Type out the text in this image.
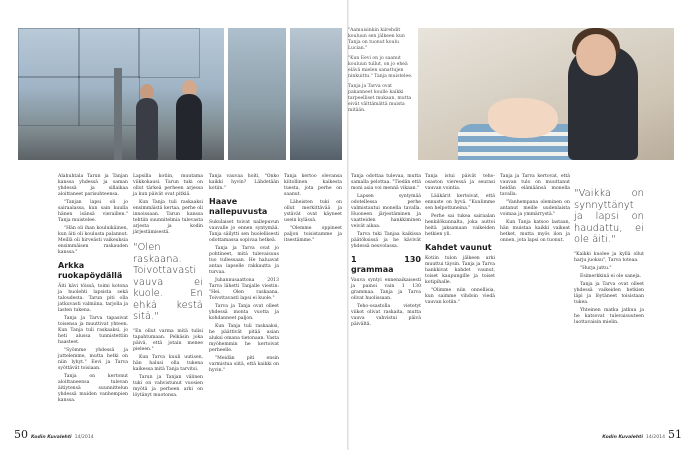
"Aamuisinkin kiirehdit kouluun sen jälkeen kun Tanja on tuonut koulu Lucian."

"Kun Eevi on jo saanut kouluun tullut, on jo eheä elävä mielen sanattujen ninkuittu." Tanja muistelee.

Tanja ja Tarva ovat pakanneet koulle kaikki tarpeelliset mukaan, mutta eivät välttämättä muista mitään.

Alahuhtala Tarun ja Tanjan kanssa yhdessä ja saman yhdessä ja sillaikaa aloittaneet parisuhteensa.

"Tanjan lapsi oli jo sairaalassa, kun sain kuulla hänen isänsä vieraillen." Tanja muistelee.

"Hän oli ihan kouluikäinen, kun äiti oli koulusta palannut. Meillä oli hirveästi vaikeuksia ensimmäisen raskauden kanssa."

Arkka ruokapöydällä

Äiti kävi töissä, toimi kotona ja huolehti lapsista sekä taloudesta. Tarun piti olla jatkuvasti valmiina, tarjolla ja lasten tukena.

Tanja ja Tarva tapasivat toisensa ja muuttivat yhteen. Kun Tanja tuli raskaaksi, jo heti alussa tunnistettiin haasteet.

"Syömme yhdessä ja juttelemme, mutta hetki on niin lyhyt." Eevi ja Tarva syöttävät toisiaan.

Tanja on kertonut aloittaneensa tulevan äitiytensä suunnittelun yhdessä muiden vanhempien kanssa.

Lapsilla kotiin, muutama viikkokausi. Tarun tuki on ollut tärkeä perheen arjessa ja kun päivät ovat pitkiä.

Kun Tanja tuli raskaaksi ensimmäistä kertaa, perhe oli innoissaan. Tarun kanssa tehtiin suunnitelmia tulevasta arjesta ja kodin järjestämisestä.

"Olen raskaana. Toivottavasti vauva ei kuole. En ehkä kestä sitä."

"En ollut varma mitä tulisi tapahtumaan. Pelkäsin joka päivä, että jotain menee pieleen."

Kun Tarva kuuli uutisen, hän halusi olla tukena kaikessa mitä Tanja tarvitsi.

Tarun ja Tanjan välinen tuki on vahvistunut vuosien myötä ja perheen arki on löytänyt muotonsa.

Tanja vauvaa hoiti, "Onko kaikki hyvin? Lähdetään kotiin."

Haave nallepuvusta

Sukulaiset toivat nallepuvun vauvalle jo ennen syntymää. Tanja säilytti sen huolellisesti odottamassa sopivaa hetkeä.

Tanja ja Tarva ovat jo pohtineet, mitä tulevaisuus tuo tullessaan. He haluavat antaa lapselle rakkautta ja turvaa.

Juhannusaattona 2013 Tarva lähetti Tanjalle viestin: "Hei. Olen raskaana. Toivottavasti lapsi ei kuole."

Tarva ja Tanja ovat olleet yhdessä monta vuotta ja kohdanneet paljon.

Kun Tanja tuli raskaaksi, he päättivät pitää asian aluksi omana tietonaan. Vasta myöhemmin he kertoivat perheelle.

"Meidän piti ensin varmistua siitä, että kaikki on hyvin."

Tanja kertoo olevansa kiitollinen kaikesta tuesta, jota perhe on saanut.

Läheisten tuki on ollut merkittävää ja ystävät ovat käyneet usein kylässä.

"Olemme oppineet paljon toisistamme ja itsestämme."

Tanja odottaa tulevaa, mutta samalla pelottaa. "Tiedän että moni asia voi mennä vikaan."

Lapsen syntymää odotellessa perhe valmistautui monella tavalla. Huoneen järjestäminen ja vaatteiden hankkiminen veivät aikaa.

Tarva tuki Tanjaa kaikissa päätöksissä ja he kävivät yhdessä neuvolassa.

1 130 grammaa

Vauva syntyi ennenaikaisesti ja painoi vain 1 130 grammaa. Tanja ja Tarva olivat huolissaan.

Teho-osastolla vietetyt viikot olivat raskaita, mutta vauva vahvistui päivä päivältä.

Tanja istui päivät teho-osaston vieressä ja seurasi vauvan vointia.

Lääkärit kertoivat, että ennuste on hyvä. "Kuulimme sen helpottuneina."

Perhe sai tukea sairaalan henkilökunnalta, joka auttoi heitä jaksamaan vaikeiden hetkien yli.

Kahdet vaunut

Kotiin tulon jälkeen arki muuttui täysin. Tanja ja Tarva hankkivat kahdet vaunut, toiset kaupungille ja toiset kotipihalle.

"Olimme niin onnellisia, kun saimme vihdoin viedä vauvan kotiin."

Tanja ja Tarva kertovat, että vauvan tulo on muuttanut heidän elämäänsä monella tavalla.

"Vanhempana oleminen on antanut meille uudenlaista voimaa ja ymmärrystä."

Kun Tanja katsoo lastaan, hän muistaa kaikki vaikeat hetket, mutta myös ilon ja onnen, jota lapsi on tuonut.

"Vaikka on synnyttänyt ja lapsi on haudattu, ei ole äiti."

"Kaikki kuolee ja kyllä ollut harju juoksu", Tarva toteaa.

"Hurja juttu."

Esimerkkinä ei ole saneja.

Tanja ja Tarva ovat olleet yhdessä vaikeiden hetkien läpi ja löytäneet toisistaan tukea.

Yhteinen matka jatkuu ja he katsovat tulevaisuuteen luottavaisin mielin.

50 Kodin Kuvalehti 14/2014	Kodin Kuvalehti 14/2014 51
